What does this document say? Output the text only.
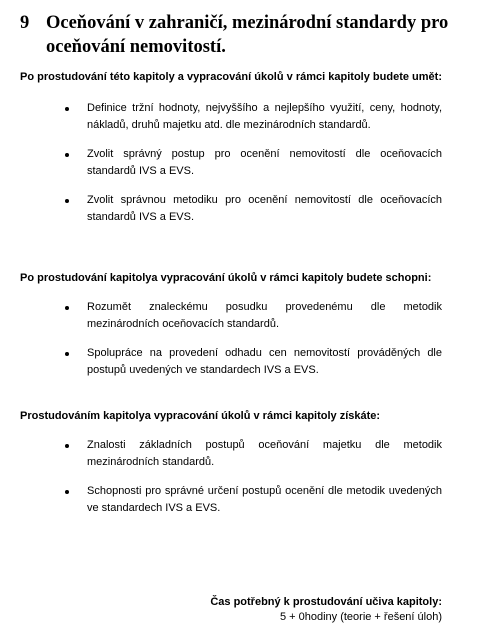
9 Oceňování v zahraničí, mezinárodní standardy pro oceňování nemovitostí.

Po prostudování této kapitoly a vypracování úkolů v rámci kapitoly budete umět:

Definice tržní hodnoty, nejvyššího a nejlepšího využití, ceny, hodnoty, nákladů, druhů majetku atd. dle mezinárodních standardů.
Zvolit správný postup pro ocenění nemovitostí dle oceňovacích standardů IVS a EVS.
Zvolit správnou metodiku pro ocenění nemovitostí dle oceňovacích standardů IVS a EVS.

Po prostudování kapitolya vypracování úkolů v rámci kapitoly budete schopni:

Rozumět znaleckému posudku provedenému dle metodik mezinárodních oceňovacích standardů.
Spolupráce na provedení odhadu cen nemovitostí prováděných dle postupů uvedených ve standardech IVS a EVS.

Prostudováním kapitolya vypracování úkolů v rámci kapitoly získáte:

Znalosti základních postupů oceňování majetku dle metodik mezinárodních standardů.
Schopnosti pro správné určení postupů ocenění dle metodik uvedených ve standardech IVS a EVS.
Čas potřebný k prostudování učiva kapitoly:
5 + 0hodiny (teorie + řešení úloh)
